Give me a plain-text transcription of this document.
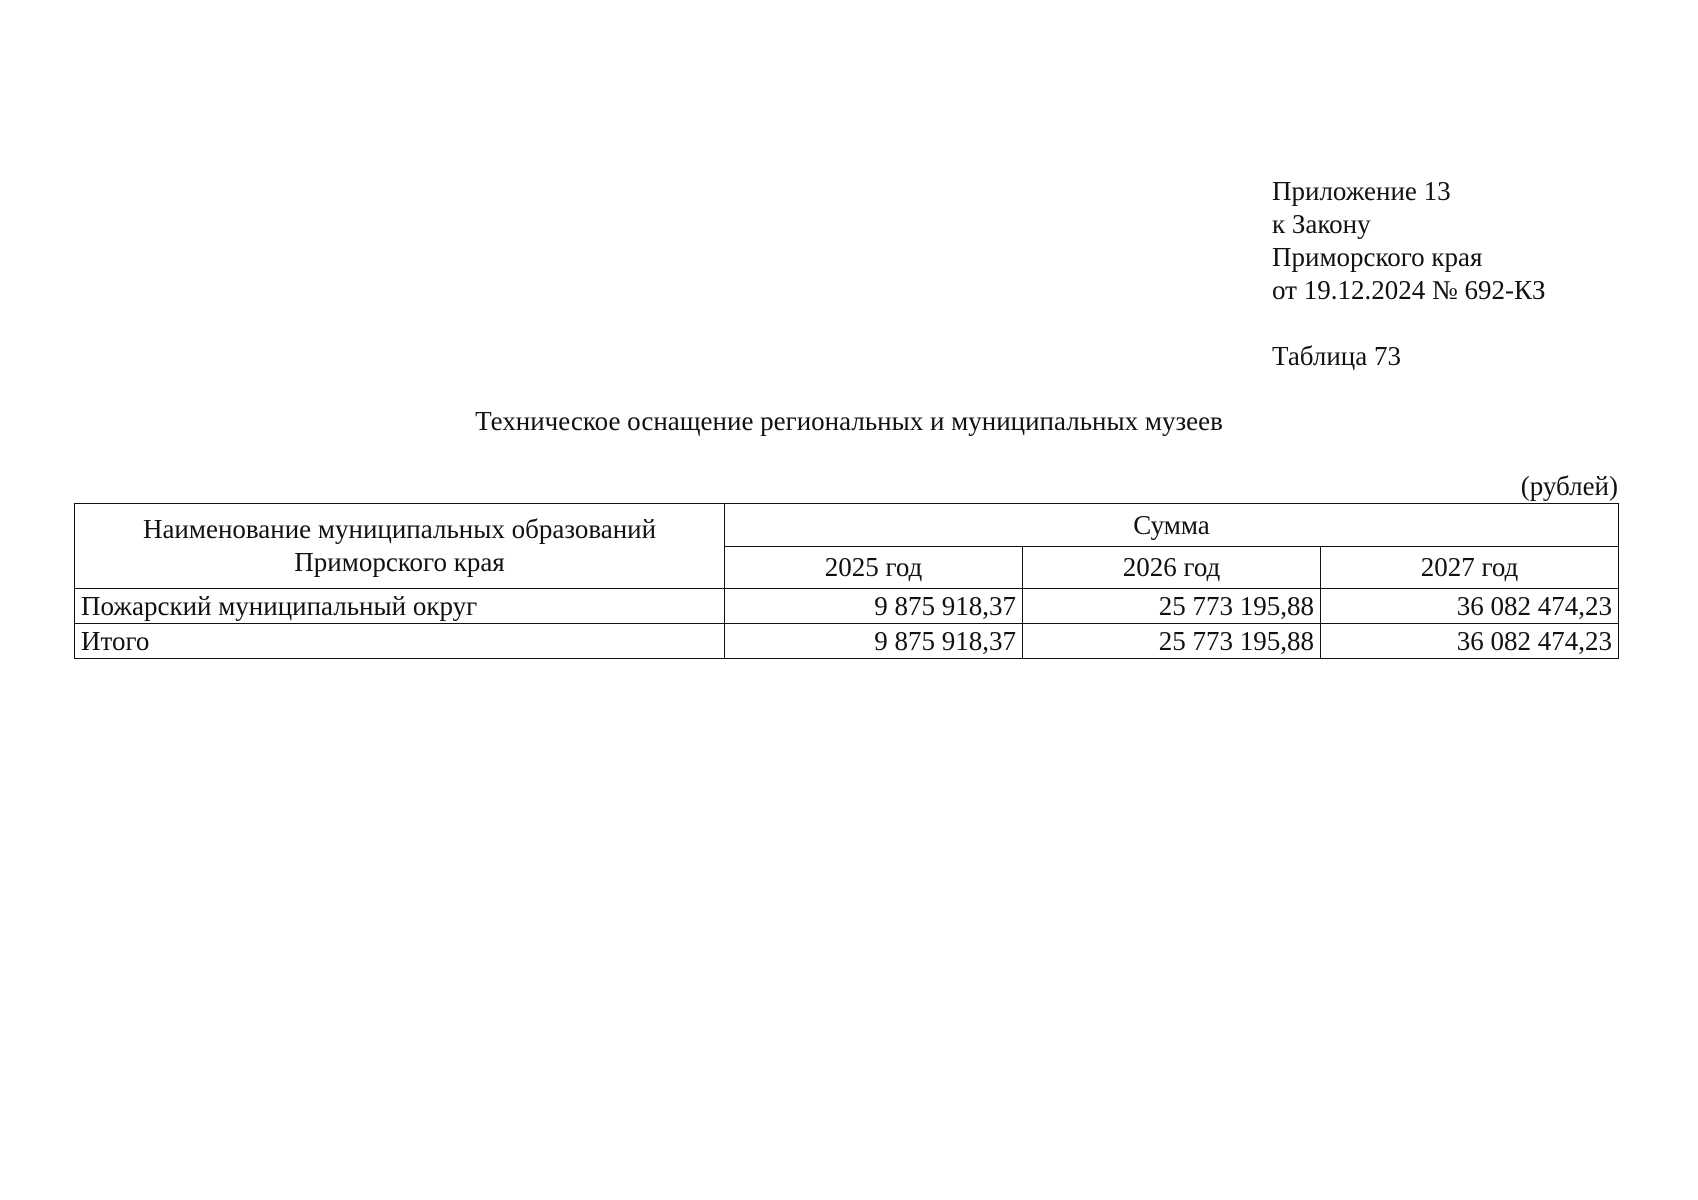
Приложение 13
к Закону
Приморского края
от 19.12.2024 № 692-КЗ
Таблица 73
Техническое оснащение региональных и муниципальных музеев
(рублей)
Наименование муниципальных образований
Приморского края	Сумма		
	2025 год	2026 год	2027 год
Пожарский муниципальный округ	9 875 918,37	25 773 195,88	36 082 474,23
Итого	9 875 918,37	25 773 195,88	36 082 474,23
